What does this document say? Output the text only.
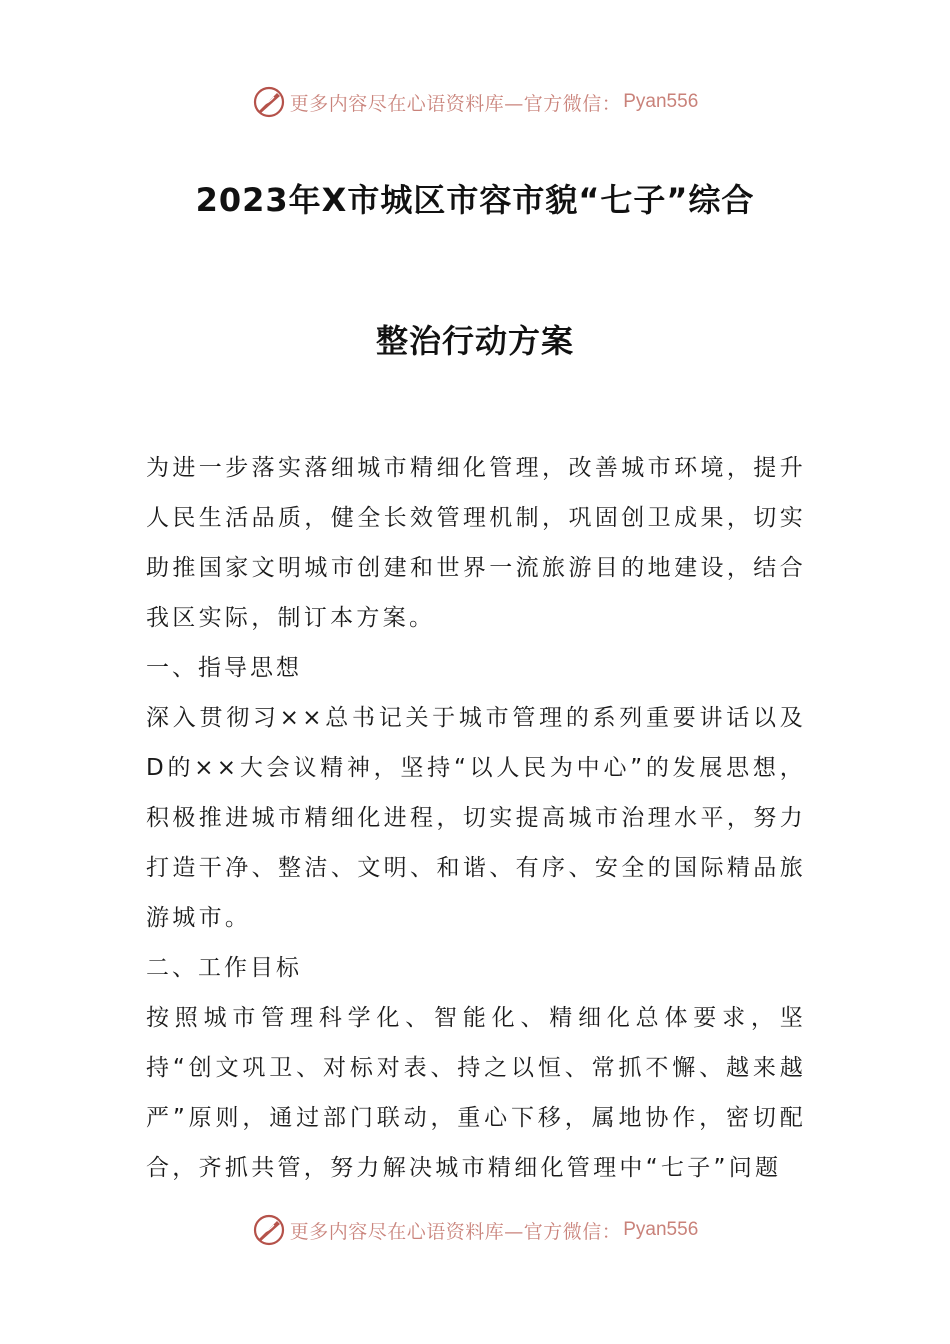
更多内容尽在心语资料库—官方微信： Pyan556
2023年X市城区市容市貌“七子”综合
整治行动方案

为进一步落实落细城市精细化管理，改善城市环境，提升人民生活品质，健全长效管理机制，巩固创卫成果，切实助推国家文明城市创建和世界一流旅游目的地建设，结合我区实际，制订本方案。

一、指导思想

深入贯彻习××总书记关于城市管理的系列重要讲话以及D的××大会议精神，坚持“以人民为中心”的发展思想，积极推进城市精细化进程，切实提高城市治理水平，努力打造干净、整洁、文明、和谐、有序、安全的国际精品旅游城市。

二、工作目标

按照城市管理科学化、智能化、精细化总体要求，坚持“创文巩卫、对标对表、持之以恒、常抓不懈、越来越严”原则，通过部门联动，重心下移，属地协作，密切配合，齐抓共管，努力解决城市精细化管理中“七子”问题

更多内容尽在心语资料库—官方微信： Pyan556
